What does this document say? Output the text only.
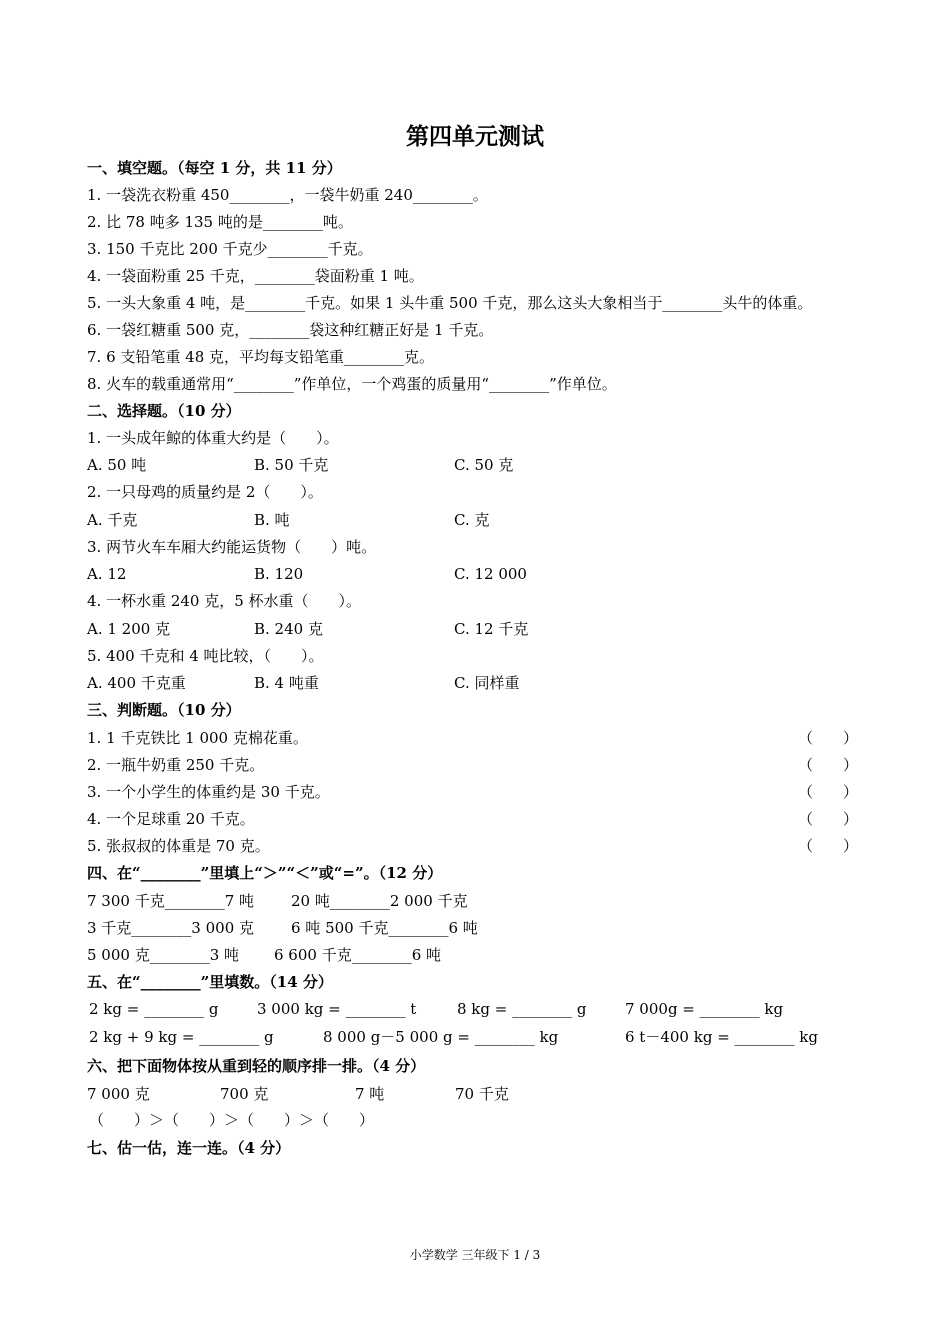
第四单元测试
一、填空题。（每空 1 分，共 11 分）
1. 一袋洗衣粉重 450________，一袋牛奶重 240________。
2. 比 78 吨多 135 吨的是________吨。
3. 150 千克比 200 千克少________千克。
4. 一袋面粉重 25 千克，________袋面粉重 1 吨。
5. 一头大象重 4 吨，是________千克。如果 1 头牛重 500 千克，那么这头大象相当于________头牛的体重。
6. 一袋红糖重 500 克，________袋这种红糖正好是 1 千克。
7. 6 支铅笔重 48 克，平均每支铅笔重________克。
8. 火车的载重通常用“________”作单位，一个鸡蛋的质量用“________”作单位。
二、选择题。（10 分）
1. 一头成年鲸的体重大约是（　　）。
A. 50 吨	B. 50 千克	C. 50 克
2. 一只母鸡的质量约是 2（　　）。
A. 千克	B. 吨	C. 克
3. 两节火车车厢大约能运货物（　　）吨。
A. 12	B. 120	C. 12 000
4. 一杯水重 240 克，5 杯水重（　　）。
A. 1 200 克	B. 240 克	C. 12 千克
5. 400 千克和 4 吨比较，（　　）。
A. 400 千克重	B. 4 吨重	C. 同样重
三、判断题。（10 分）
1. 1 千克铁比 1 000 克棉花重。	（　　）
2. 一瓶牛奶重 250 千克。	（　　）
3. 一个小学生的体重约是 30 千克。	（　　）
4. 一个足球重 20 千克。	（　　）
5. 张叔叔的体重是 70 克。	（　　）
四、在“________”里填上“＞”“＜”或“=”。（12 分）
7 300 千克________7 吨 20 吨________2 000 千克
3 千克________3 000 克 6 吨 500 千克________6 吨
5 000 克________3 吨 6 600 千克________6 吨
五、在“________”里填数。（14 分）
2 kg = ________ g	3 000 kg = ________ t	8 kg = ________ g	7 000g = ________ kg
2 kg + 9 kg = ________ g	8 000 g－5 000 g = ________ kg	6 t－400 kg = ________ kg
六、把下面物体按从重到轻的顺序排一排。（4 分）
7 000 克	700 克	7 吨	70 千克
（　　）＞（　　）＞（　　）＞（　　）
七、估一估，连一连。（4 分）
小学数学 三年级下 1 / 3
